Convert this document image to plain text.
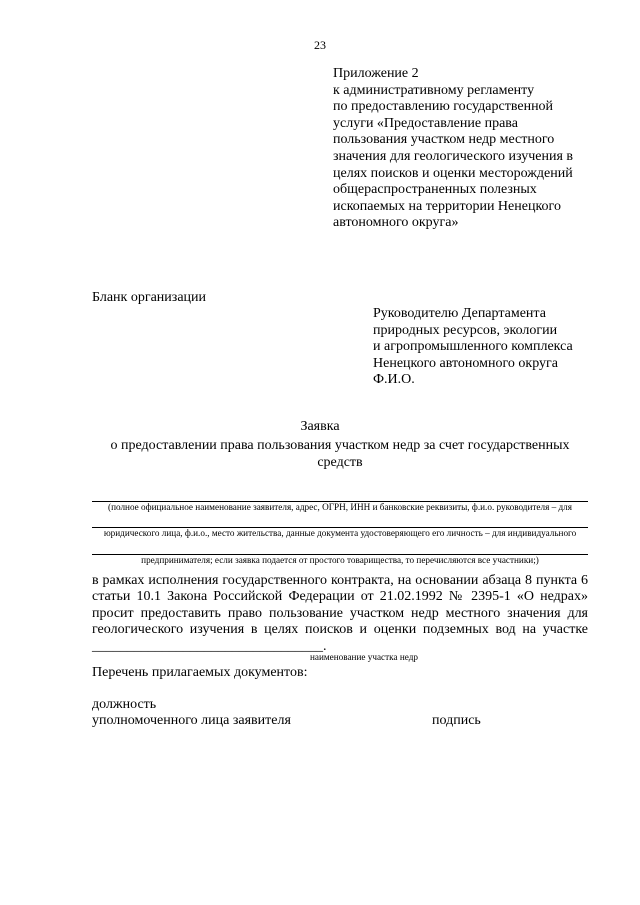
23
Приложение 2
к административному регламенту
по предоставлению государственной
услуги «Предоставление права
пользования участком недр местного
значения для геологического изучения в
целях поисков и оценки месторождений
общераспространенных полезных
ископаемых на территории Ненецкого
автономного округа»
Бланк организации
Руководителю Департамента
природных ресурсов, экологии
и агропромышленного комплекса
Ненецкого автономного округа
Ф.И.О.
Заявка
о предоставлении права пользования участком недр за счет государственных средств
(полное официальное наименование заявителя, адрес, ОГРН, ИНН и банковские реквизиты, ф.и.о. руководителя – для
юридического лица, ф.и.о., место жительства, данные документа удостоверяющего его личность – для индивидуального
предпринимателя; если заявка подается от простого товарищества, то перечисляются все участники;)
в рамках исполнения государственного контракта, на основании абзаца 8 пункта 6
статьи 10.1 Закона Российской Федерации от 21.02.1992 № 2395-1 «О недрах»
просит предоставить право пользование участком недр местного значения для
геологического изучения в целях поисков и оценки подземных вод на участке
_________________________________.
наименование участка недр
Перечень прилагаемых документов:
должность
уполномоченного лица заявителя	подпись
